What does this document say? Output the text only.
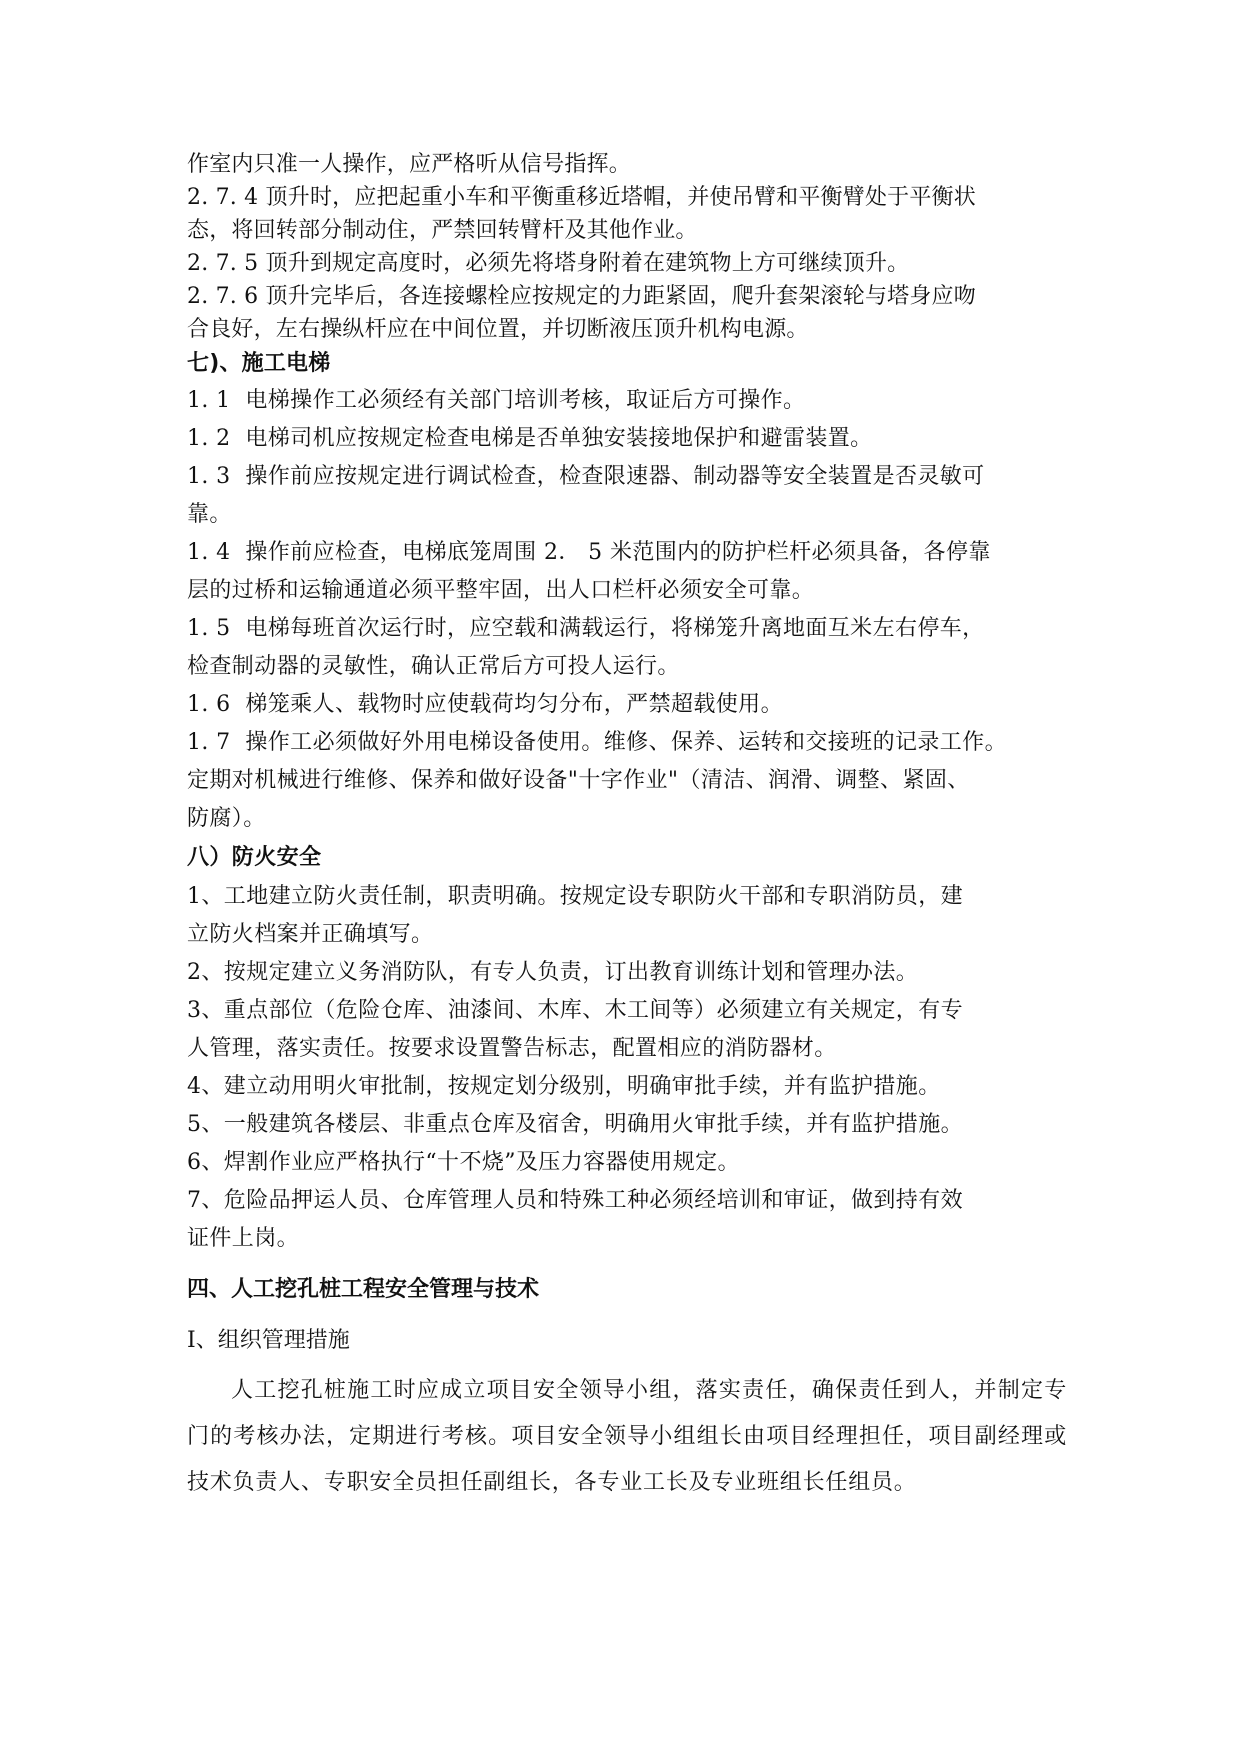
作室内只准一人操作，应严格听从信号指挥。

2. 7. 4 顶升时，应把起重小车和平衡重移近塔帽，并使吊臂和平衡臂处于平衡状

态，将回转部分制动住，严禁回转臂杆及其他作业。

2. 7. 5 顶升到规定高度时，必须先将塔身附着在建筑物上方可继续顶升。

2. 7. 6 顶升完毕后，各连接螺栓应按规定的力距紧固，爬升套架滚轮与塔身应吻

合良好，左右操纵杆应在中间位置，并切断液压顶升机构电源。

七)、施工电梯

1. 1  电梯操作工必须经有关部门培训考核，取证后方可操作。

1. 2  电梯司机应按规定检查电梯是否单独安装接地保护和避雷装置。

1. 3  操作前应按规定进行调试检查，检查限速器、制动器等安全装置是否灵敏可

靠。

1. 4  操作前应检查，电梯底笼周围 2． 5 米范围内的防护栏杆必须具备，各停靠

层的过桥和运输通道必须平整牢固，出人口栏杆必须安全可靠。

1. 5  电梯每班首次运行时，应空载和满载运行，将梯笼升离地面互米左右停车，

检查制动器的灵敏性，确认正常后方可投人运行。

1. 6  梯笼乘人、载物时应使载荷均匀分布，严禁超载使用。

1. 7  操作工必须做好外用电梯设备使用。维修、保养、运转和交接班的记录工作。

定期对机械进行维修、保养和做好设备"十字作业"（清洁、润滑、调整、紧固、

防腐）。

八）防火安全

1、工地建立防火责任制，职责明确。按规定设专职防火干部和专职消防员，建

立防火档案并正确填写。

2、按规定建立义务消防队，有专人负责，订出教育训练计划和管理办法。

3、重点部位（危险仓库、油漆间、木库、木工间等）必须建立有关规定，有专

人管理，落实责任。按要求设置警告标志，配置相应的消防器材。

4、建立动用明火审批制，按规定划分级别，明确审批手续，并有监护措施。

5、一般建筑各楼层、非重点仓库及宿舍，明确用火审批手续，并有监护措施。

6、焊割作业应严格执行“十不烧”及压力容器使用规定。

7、危险品押运人员、仓库管理人员和特殊工种必须经培训和审证，做到持有效

证件上岗。

四、人工挖孔桩工程安全管理与技术

Ⅰ、组织管理措施

人工挖孔桩施工时应成立项目安全领导小组，落实责任，确保责任到人，并制定专门的考核办法，定期进行考核。项目安全领导小组组长由项目经理担任，项目副经理或技术负责人、专职安全员担任副组长，各专业工长及专业班组长任组员。
